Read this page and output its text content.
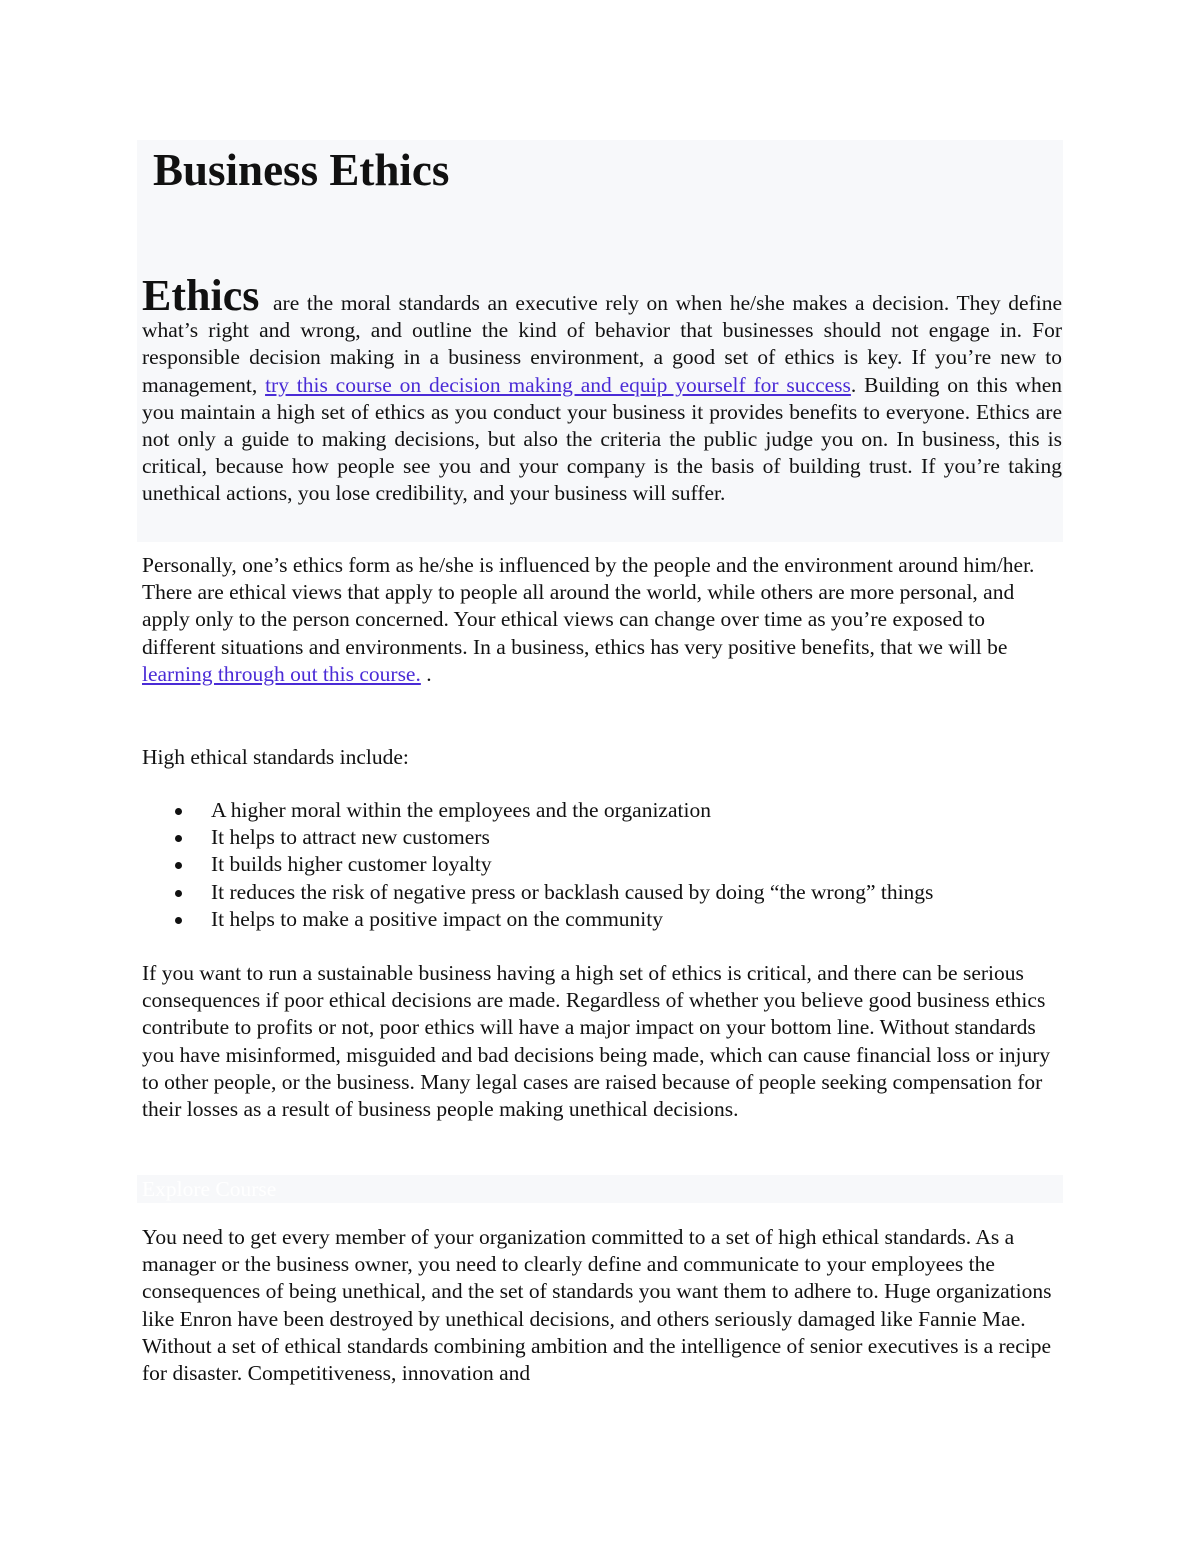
Business Ethics

Ethics are the moral standards an executive rely on when he/she makes a decision. They define what’s right and wrong, and outline the kind of behavior that businesses should not engage in. For responsible decision making in a business environment, a good set of ethics is key. If you’re new to management, try this course on decision making and equip yourself for success. Building on this when you maintain a high set of ethics as you conduct your business it provides benefits to everyone. Ethics are not only a guide to making decisions, but also the criteria the public judge you on. In business, this is critical, because how people see you and your company is the basis of building trust. If you’re taking unethical actions, you lose credibility, and your business will suffer.

Personally, one’s ethics form as he/she is influenced by the people and the environment around him/her. There are ethical views that apply to people all around the world, while others are more personal, and apply only to the person concerned. Your ethical views can change over time as you’re exposed to different situations and environments. In a business, ethics has very positive benefits, that we will be learning through out this course. .

High ethical standards include:

A higher moral within the employees and the organization
It helps to attract new customers
It builds higher customer loyalty
It reduces the risk of negative press or backlash caused by doing “the wrong” things
It helps to make a positive impact on the community

If you want to run a sustainable business having a high set of ethics is critical, and there can be serious consequences if poor ethical decisions are made. Regardless of whether you believe good business ethics contribute to profits or not, poor ethics will have a major impact on your bottom line. Without standards you have misinformed, misguided and bad decisions being made, which can cause financial loss or injury to other people, or the business. Many legal cases are raised because of people seeking compensation for their losses as a result of business people making unethical decisions.

Explore Course

You need to get every member of your organization committed to a set of high ethical standards. As a manager or the business owner, you need to clearly define and communicate to your employees the consequences of being unethical, and the set of standards you want them to adhere to. Huge organizations like Enron have been destroyed by unethical decisions, and others seriously damaged like Fannie Mae. Without a set of ethical standards combining ambition and the intelligence of senior executives is a recipe for disaster. Competitiveness, innovation and
